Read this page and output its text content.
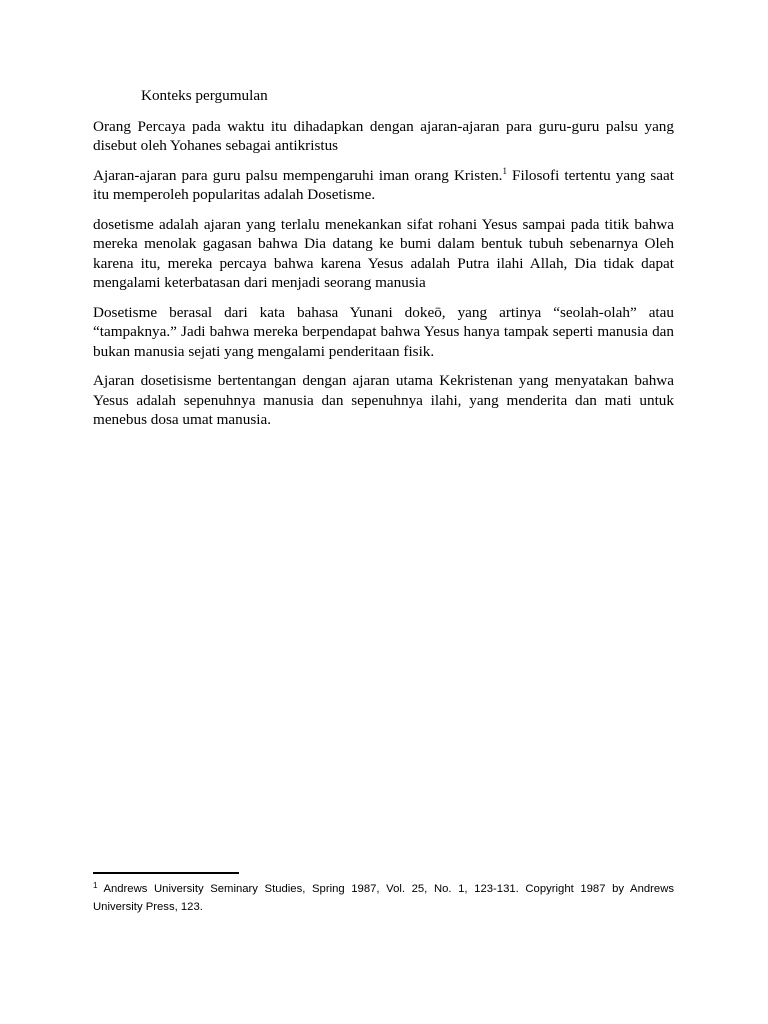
Konteks pergumulan

Orang Percaya pada waktu itu dihadapkan dengan ajaran-ajaran para guru-guru palsu yang disebut oleh Yohanes sebagai antikristus

Ajaran-ajaran para guru palsu mempengaruhi iman orang Kristen.$^1$ Filosofi tertentu yang saat itu memperoleh popularitas adalah Dosetisme.

dosetisme adalah ajaran yang terlalu menekankan sifat rohani Yesus sampai pada titik bahwa mereka menolak gagasan bahwa Dia datang ke bumi dalam bentuk tubuh sebenarnya Oleh karena itu, mereka percaya bahwa karena Yesus adalah Putra ilahi Allah, Dia tidak dapat mengalami keterbatasan dari menjadi seorang manusia

Dosetisme berasal dari kata bahasa Yunani dokeō, yang artinya “seolah-olah” atau “tampaknya.” Jadi bahwa mereka berpendapat bahwa Yesus hanya tampak seperti manusia dan bukan manusia sejati yang mengalami penderitaan fisik.

Ajaran dosetisisme bertentangan dengan ajaran utama Kekristenan yang menyatakan bahwa Yesus adalah sepenuhnya manusia dan sepenuhnya ilahi, yang menderita dan mati untuk menebus dosa umat manusia.

$^1$ Andrews University Seminary Studies, Spring 1987, Vol. 25, No. 1, 123-131. Copyright 1987 by Andrews University Press, 123.
